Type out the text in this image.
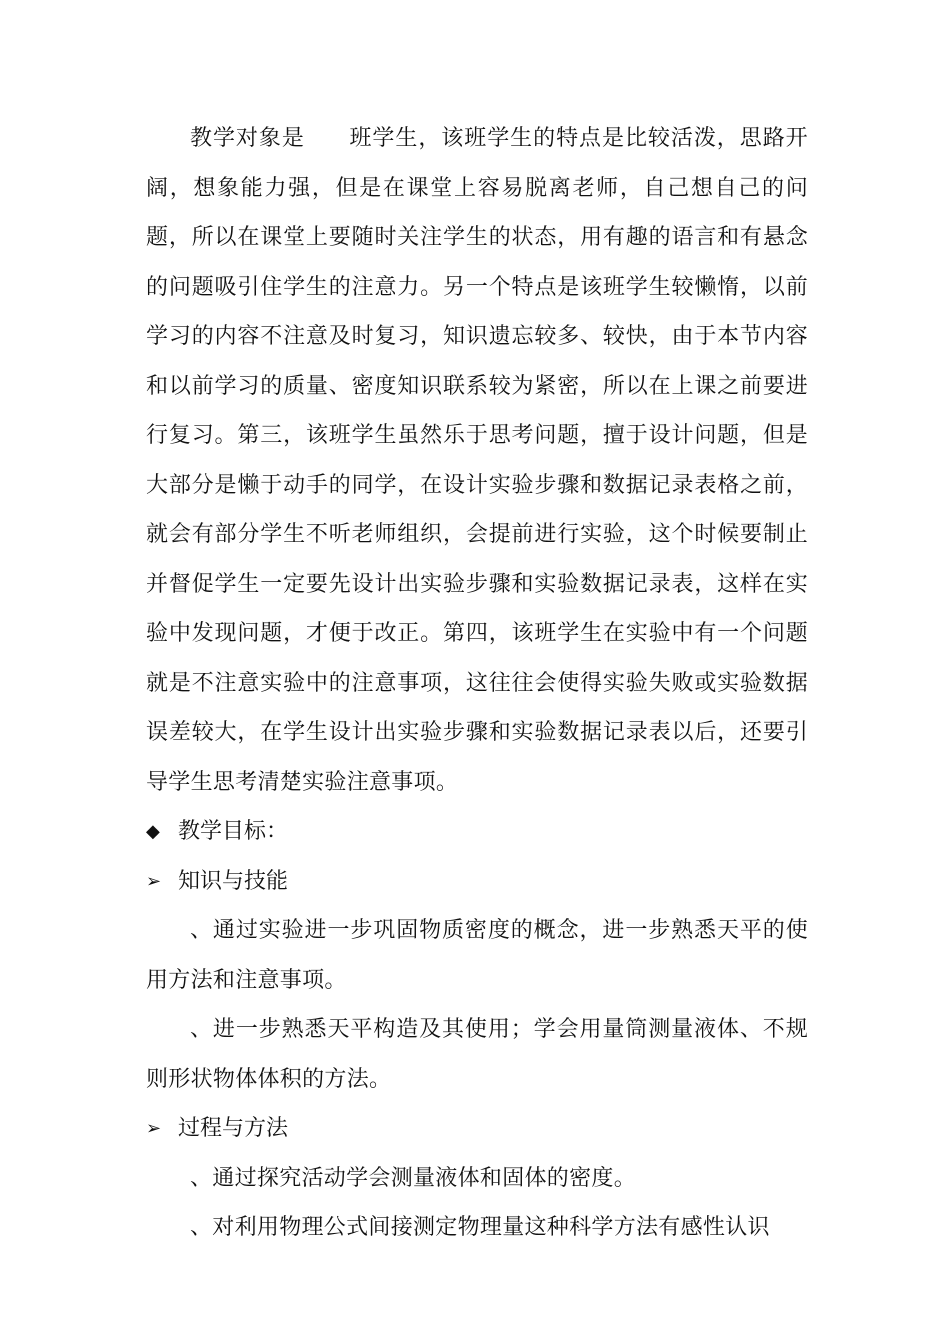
教学对象是 班学生，该班学生的特点是比较活泼，思路开阔，想象能力强，但是在课堂上容易脱离老师，自己想自己的问题，所以在课堂上要随时关注学生的状态，用有趣的语言和有悬念的问题吸引住学生的注意力。另一个特点是该班学生较懒惰，以前学习的内容不注意及时复习，知识遗忘较多、较快，由于本节内容和以前学习的质量、密度知识联系较为紧密，所以在上课之前要进行复习。第三，该班学生虽然乐于思考问题，擅于设计问题，但是大部分是懒于动手的同学，在设计实验步骤和数据记录表格之前，就会有部分学生不听老师组织，会提前进行实验，这个时候要制止并督促学生一定要先设计出实验步骤和实验数据记录表，这样在实验中发现问题，才便于改正。第四，该班学生在实验中有一个问题就是不注意实验中的注意事项，这往往会使得实验失败或实验数据误差较大，在学生设计出实验步骤和实验数据记录表以后，还要引导学生思考清楚实验注意事项。

◆ 教学目标：

➢ 知识与技能

、通过实验进一步巩固物质密度的概念，进一步熟悉天平的使用方法和注意事项。

、进一步熟悉天平构造及其使用；学会用量筒测量液体、不规则形状物体体积的方法。

➢ 过程与方法

、通过探究活动学会测量液体和固体的密度。

、对利用物理公式间接测定物理量这种科学方法有感性认识
